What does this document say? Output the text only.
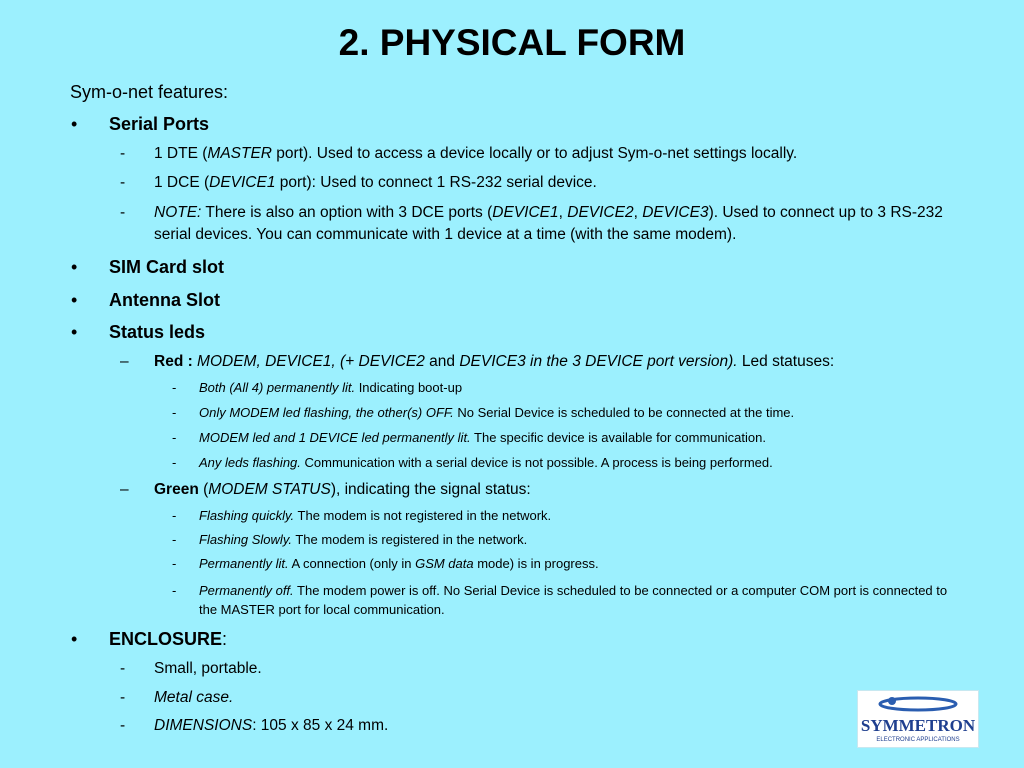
2. PHYSICAL FORM
Sym-o-net features:
• Serial Ports
- 1 DTE (MASTER port). Used to access a device locally or to adjust Sym-o-net settings locally.
- 1 DCE (DEVICE1 port): Used to connect 1 RS-232 serial device.
-	NOTE: There is also an option with 3 DCE ports (DEVICE1, DEVICE2, DEVICE3). Used to connect up to 3 RS-232 serial devices. You can communicate with 1 device at a time (with the same modem).
• SIM Card slot
• Antenna Slot
• Status leds
– Red : MODEM, DEVICE1, (+ DEVICE2 and DEVICE3 in the 3 DEVICE port version). Led statuses:
- Both (All 4) permanently lit. Indicating boot-up
- Only MODEM led flashing, the other(s) OFF. No Serial Device is scheduled to be connected at the time.
- MODEM led and 1 DEVICE led permanently lit. The specific device is available for communication.
- Any leds flashing. Communication with a serial device is not possible. A process is being performed.
– Green (MODEM STATUS), indicating the signal status:
- Flashing quickly. The modem is not registered in the network.
- Flashing Slowly. The modem is registered in the network.
- Permanently lit. A connection (only in GSM data mode) is in progress.
-	Permanently off. The modem power is off. No Serial Device is scheduled to be connected or a computer COM port is connected to the MASTER port for local communication.
• ENCLOSURE:
- Small, portable.
- Metal case.
- DIMENSIONS: 105 x 85 x 24 mm.	SYMMETRON
ELECTRONIC APPLICATIONS
